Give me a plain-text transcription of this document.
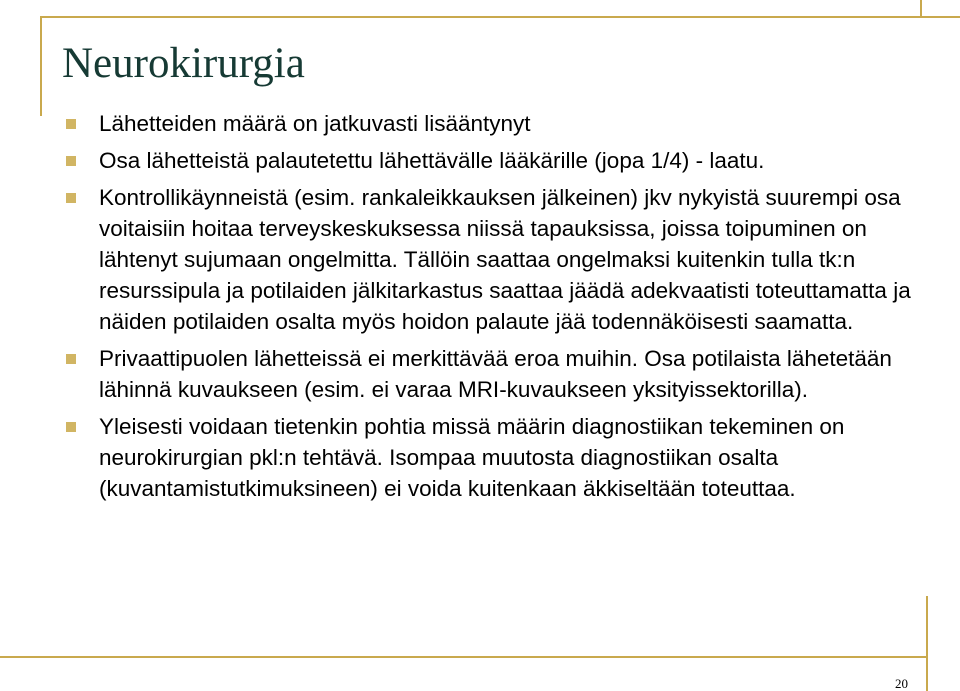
Neurokirurgia
Lähetteiden määrä on jatkuvasti lisääntynyt
Osa lähetteistä palautetettu lähettävälle lääkärille (jopa 1/4) - laatu.
Kontrollikäynneistä (esim. rankaleikkauksen jälkeinen) jkv nykyistä suurempi osa voitaisiin hoitaa terveyskeskuksessa niissä tapauksissa, joissa toipuminen on lähtenyt sujumaan ongelmitta. Tällöin saattaa ongelmaksi kuitenkin tulla tk:n resurssipula ja potilaiden jälkitarkastus saattaa jäädä adekvaatisti toteuttamatta ja näiden potilaiden osalta myös hoidon palaute jää todennäköisesti saamatta.
Privaattipuolen lähetteissä ei merkittävää eroa muihin. Osa potilaista lähetetään lähinnä kuvaukseen (esim. ei varaa MRI-kuvaukseen yksityissektorilla).
Yleisesti voidaan tietenkin pohtia missä määrin diagnostiikan tekeminen on neurokirurgian pkl:n tehtävä. Isompaa muutosta diagnostiikan osalta (kuvantamistutkimuksineen) ei voida kuitenkaan äkkiseltään toteuttaa.
20
